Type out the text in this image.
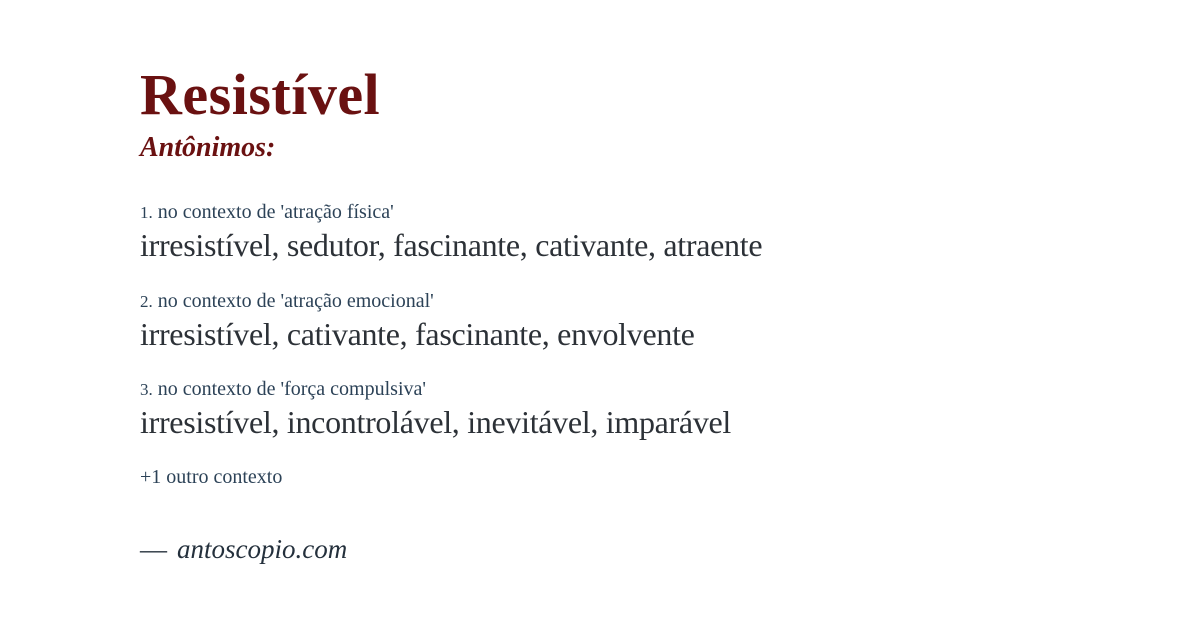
Resistível
Antônimos:
1. no contexto de 'atração física'
irresistível, sedutor, fascinante, cativante, atraente
2. no contexto de 'atração emocional'
irresistível, cativante, fascinante, envolvente
3. no contexto de 'força compulsiva'
irresistível, incontrolável, inevitável, imparável
+1 outro contexto
— antoscopio.com
